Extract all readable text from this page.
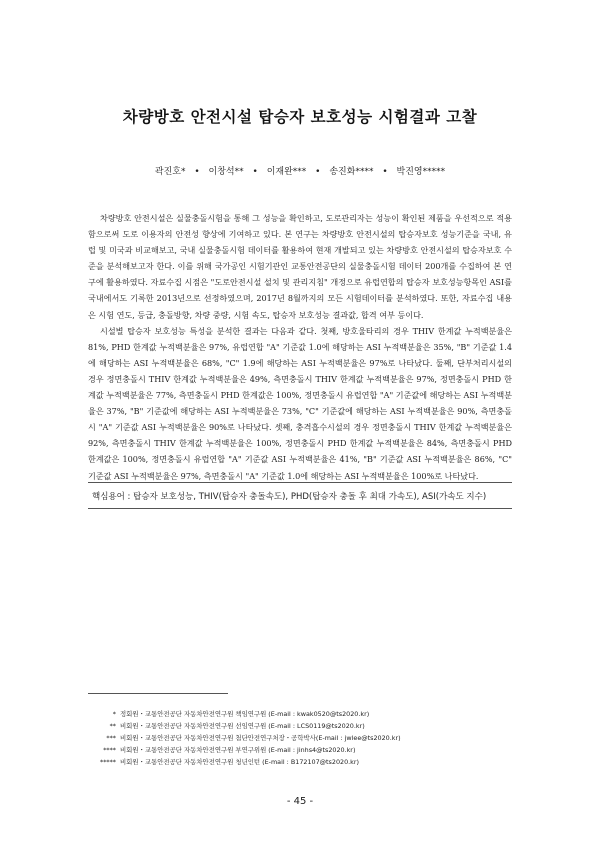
차량방호 안전시설 탑승자 보호성능 시험결과 고찰
곽진호* • 이창석** • 이재완*** • 송진화**** • 박진영*****

차량방호 안전시설은 실물충돌시험을 통해 그 성능을 확인하고, 도로관리자는 성능이 확인된 제품을 우선적으로 적용함으로써 도로 이용자의 안전성 향상에 기여하고 있다. 본 연구는 차량방호 안전시설의 탑승자보호 성능기준을 국내, 유럽 및 미국과 비교해보고, 국내 실물충돌시험 데이터를 활용하여 현재 개발되고 있는 차량방호 안전시설의 탑승자보호 수준을 분석해보고자 한다. 이를 위해 국가공인 시험기관인 교통안전공단의 실물충돌시험 데이터 200개를 수집하여 본 연구에 활용하였다. 자료수집 시점은 "도로안전시설 설치 및 관리지침" 개정으로 유럽연합의 탑승자 보호성능항목인 ASI를 국내에서도 기록한 2013년으로 선정하였으며, 2017년 8월까지의 모든 시험데이터를 분석하였다. 또한, 자료수집 내용은 시험 연도, 등급, 충돌방향, 차량 중량, 시험 속도, 탑승자 보호성능 결과값, 합격 여부 등이다.

시설별 탑승자 보호성능 특성을 분석한 결과는 다음과 같다. 첫째, 방호울타리의 경우 THIV 한계값 누적백분율은 81%, PHD 한계값 누적백분율은 97%, 유럽연합 "A" 기준값 1.0에 해당하는 ASI 누적백분율은 35%, "B" 기준값 1.4에 해당하는 ASI 누적백분율은 68%, "C" 1.9에 해당하는 ASI 누적백분율은 97%로 나타났다. 둘째, 단부처리시설의 경우 정면충돌시 THIV 한계값 누적백분율은 49%, 측면충돌시 THIV 한계값 누적백분율은 97%, 정면충돌시 PHD 한계값 누적백분율은 77%, 측면충돌시 PHD 한계값은 100%, 정면충돌시 유럽연합 "A" 기준값에 해당하는 ASI 누적백분율은 37%, "B" 기준값에 해당하는 ASI 누적백분율은 73%, "C" 기준값에 해당하는 ASI 누적백분율은 90%, 측면충돌시 "A" 기준값 ASI 누적백분율은 90%로 나타났다. 셋째, 충격흡수시설의 경우 정면충돌시 THIV 한계값 누적백분율은 92%, 측면충돌시 THIV 한계값 누적백분율은 100%, 정면충돌시 PHD 한계값 누적백분율은 84%, 측면충돌시 PHD 한계값은 100%, 정면충돌시 유럽연합 "A" 기준값 ASI 누적백분율은 41%, "B" 기준값 ASI 누적백분율은 86%, "C" 기준값 ASI 누적백분율은 97%, 측면충돌시 "A" 기준값 1.0에 해당하는 ASI 누적백분율은 100%로 나타났다.

핵심용어 : 탑승자 보호성능, THIV(탑승자 충돌속도), PHD(탑승자 충돌 후 최대 가속도), ASI(가속도 지수)
* 정회원・교통안전공단 자동차안전연구원 책임연구원 (E-mail : kwak0520@ts2020.kr)
** 비회원・교통안전공단 자동차안전연구원 선임연구원 (E-mail : LCS0119@ts2020.kr)
*** 비회원・교통안전공단 자동차안전연구원 첨단안전연구처장・공학박사(E-mail : jwlee@ts2020.kr)
**** 비회원・교통안전공단 자동차안전연구원 부연구위원 (E-mail : jinhs4@ts2020.kr)
***** 비회원・교통안전공단 자동차안전연구원 청년인턴 (E-mail : B172107@ts2020.kr)
- 45 -
